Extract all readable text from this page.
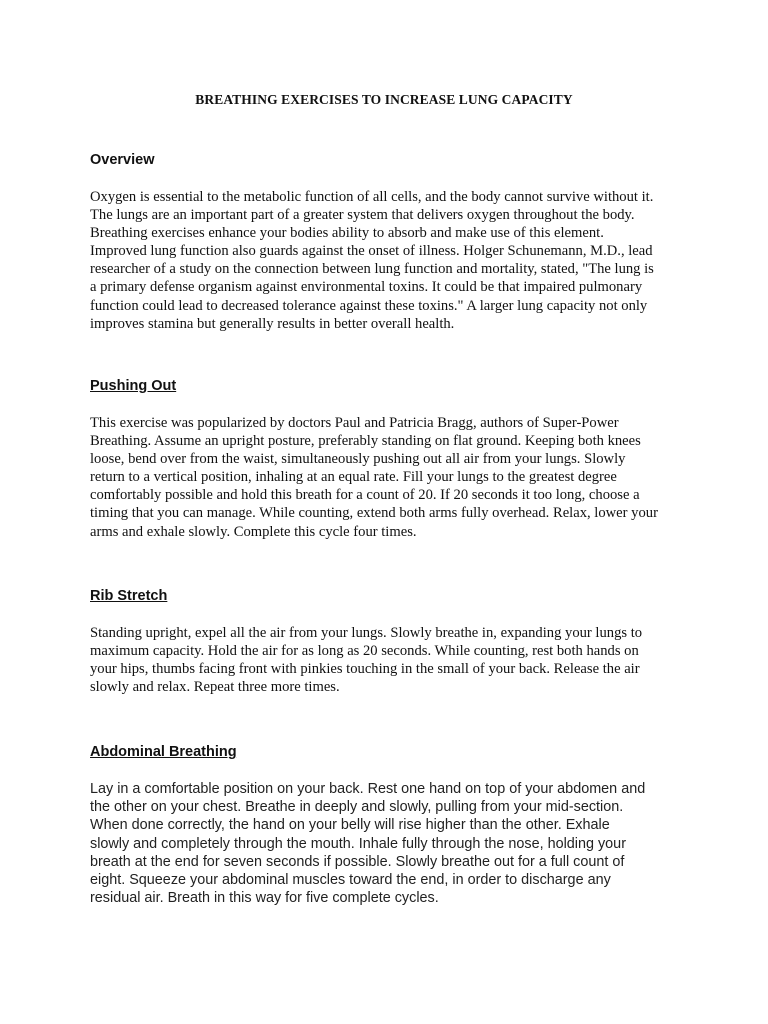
BREATHING EXERCISES TO INCREASE LUNG CAPACITY
Overview

Oxygen is essential to the metabolic function of all cells, and the body cannot survive without it.
The lungs are an important part of a greater system that delivers oxygen throughout the body.
Breathing exercises enhance your bodies ability to absorb and make use of this element.
Improved lung function also guards against the onset of illness. Holger Schunemann, M.D., lead
researcher of a study on the connection between lung function and mortality, stated, "The lung is
a primary defense organism against environmental toxins. It could be that impaired pulmonary
function could lead to decreased tolerance against these toxins." A larger lung capacity not only
improves stamina but generally results in better overall health.

Pushing Out

This exercise was popularized by doctors Paul and Patricia Bragg, authors of Super-Power
Breathing. Assume an upright posture, preferably standing on flat ground. Keeping both knees
loose, bend over from the waist, simultaneously pushing out all air from your lungs. Slowly
return to a vertical position, inhaling at an equal rate. Fill your lungs to the greatest degree
comfortably possible and hold this breath for a count of 20. If 20 seconds it too long, choose a
timing that you can manage. While counting, extend both arms fully overhead. Relax, lower your
arms and exhale slowly. Complete this cycle four times.

Rib Stretch

Standing upright, expel all the air from your lungs. Slowly breathe in, expanding your lungs to
maximum capacity. Hold the air for as long as 20 seconds. While counting, rest both hands on
your hips, thumbs facing front with pinkies touching in the small of your back. Release the air
slowly and relax. Repeat three more times.

Abdominal Breathing

Lay in a comfortable position on your back. Rest one hand on top of your abdomen and
the other on your chest. Breathe in deeply and slowly, pulling from your mid-section.
When done correctly, the hand on your belly will rise higher than the other. Exhale
slowly and completely through the mouth. Inhale fully through the nose, holding your
breath at the end for seven seconds if possible. Slowly breathe out for a full count of
eight. Squeeze your abdominal muscles toward the end, in order to discharge any
residual air. Breath in this way for five complete cycles.
